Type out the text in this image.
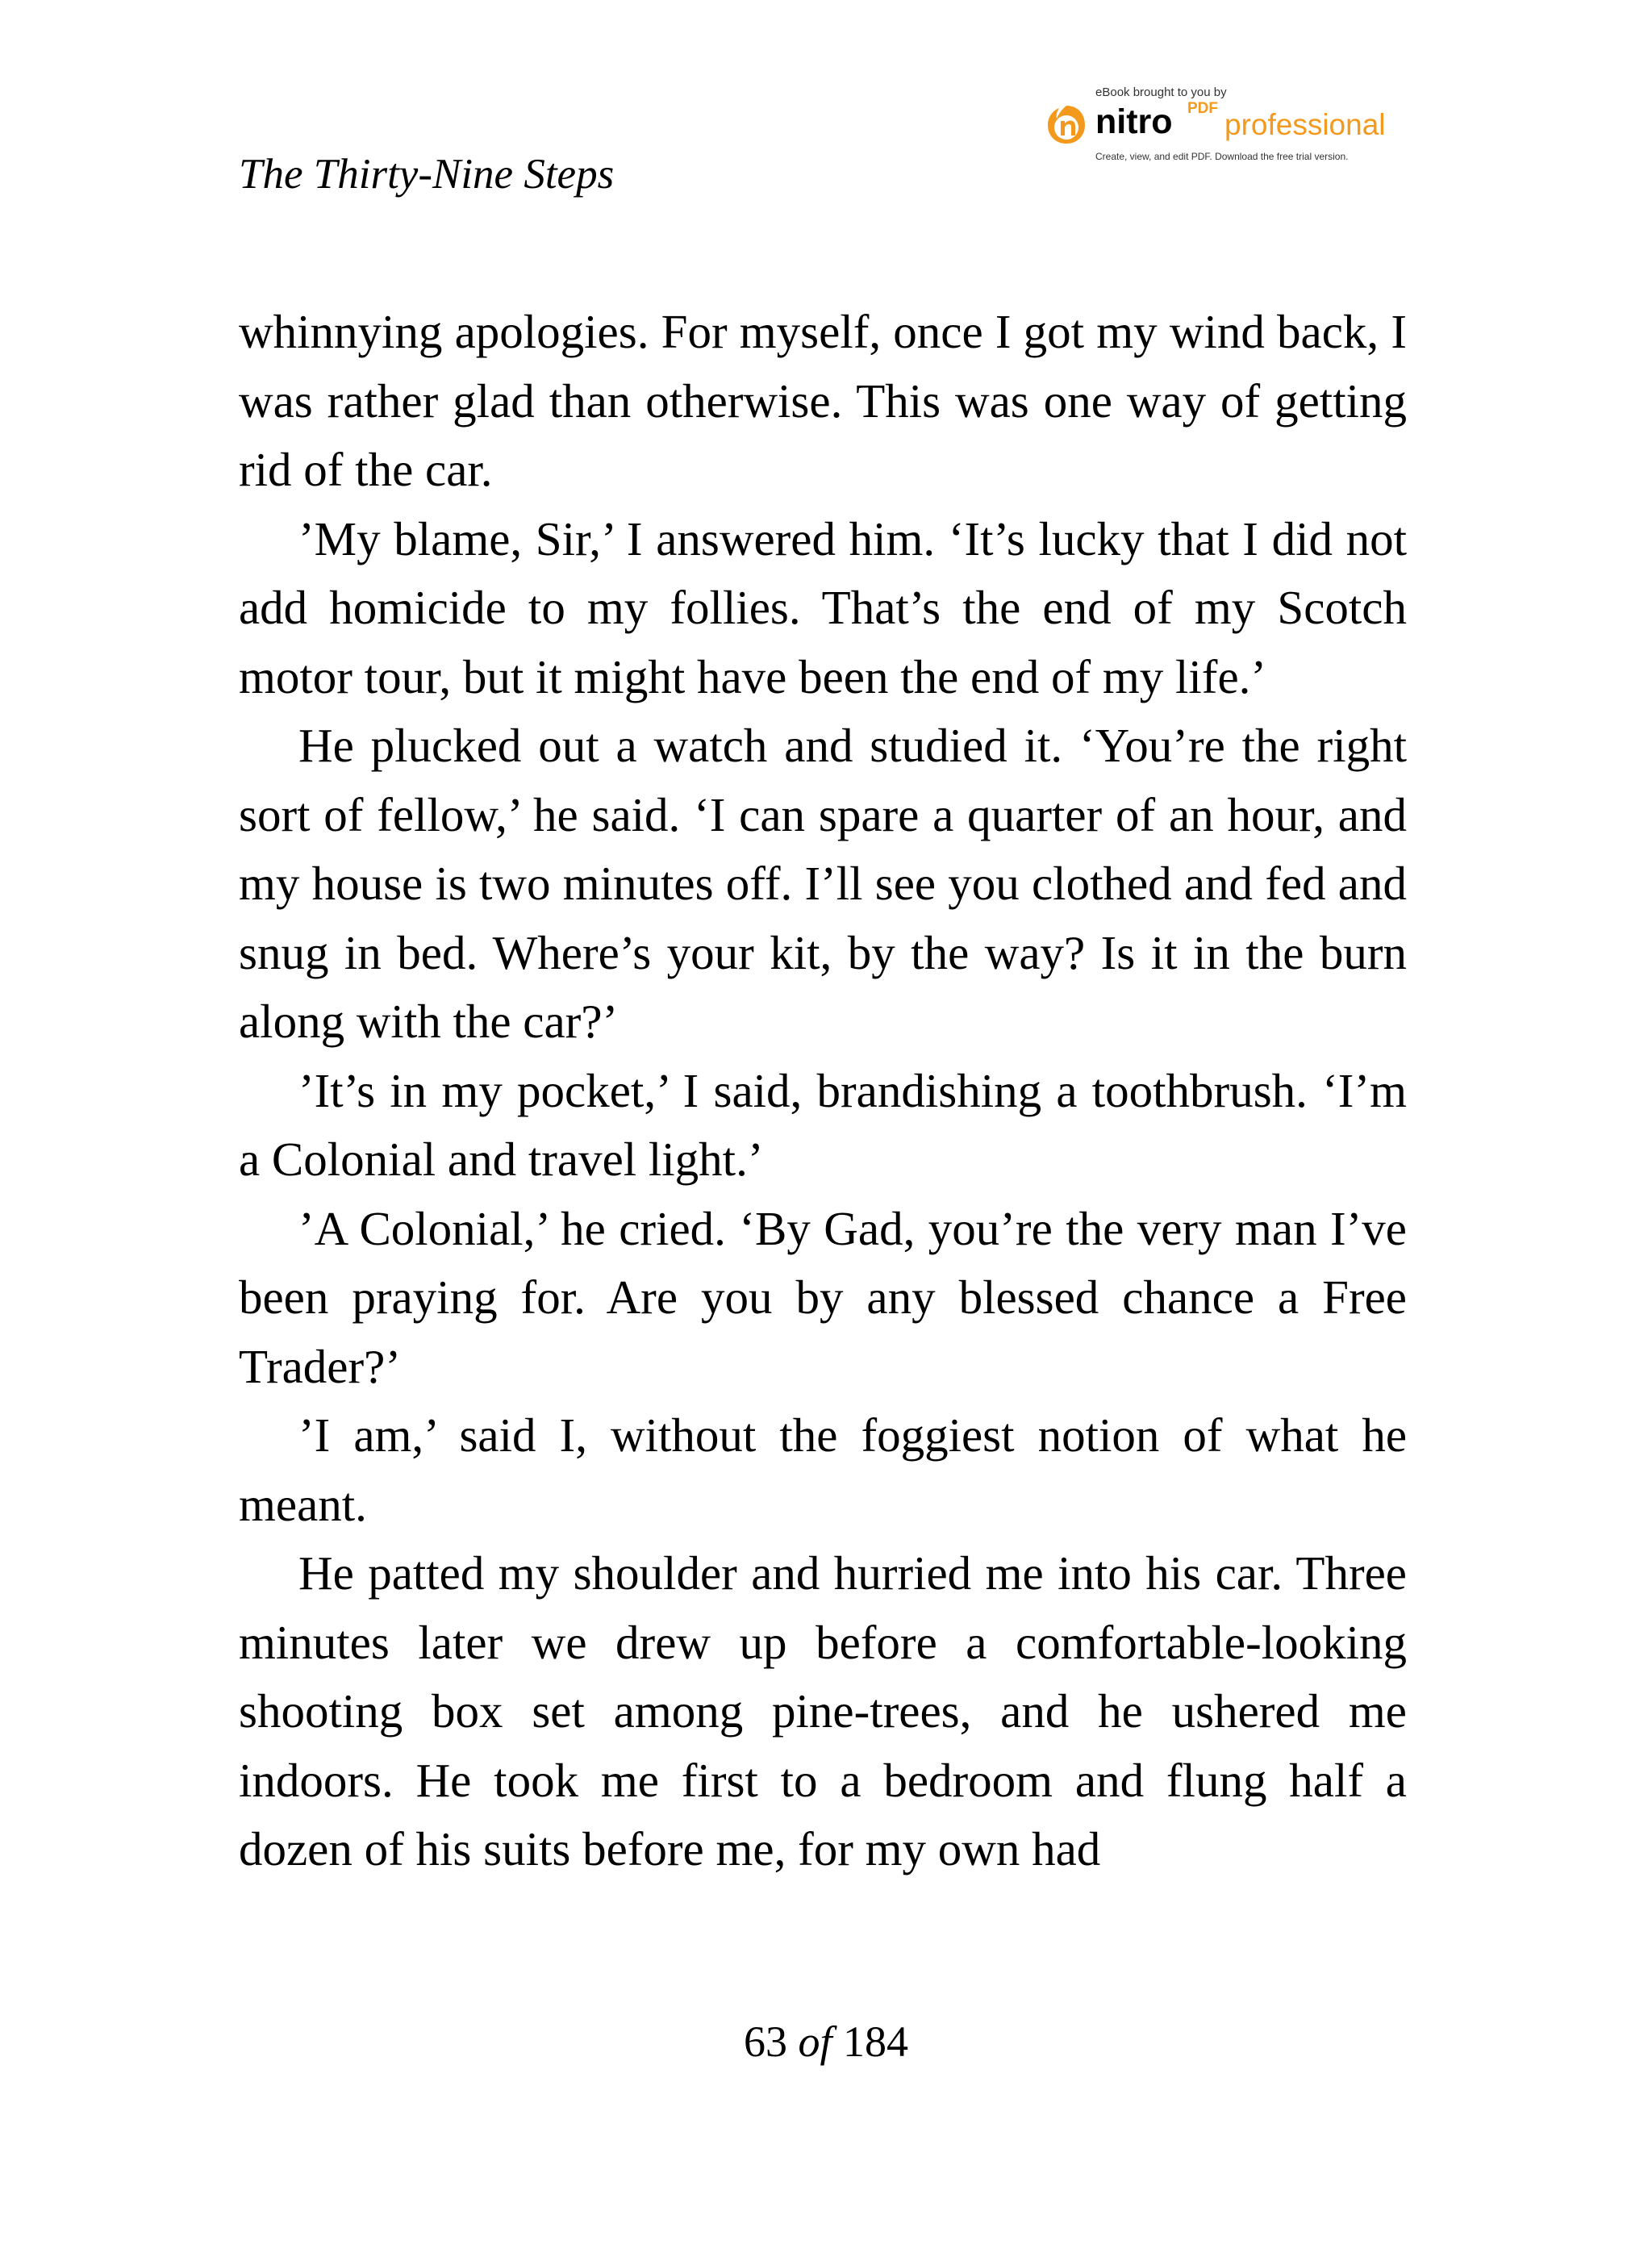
The Thirty-Nine Steps
eBook brought to you by
nitro PDF professional
Create, view, and edit PDF. Download the free trial version.

whinnying apologies. For myself, once I got my wind back, I was rather glad than otherwise. This was one way of getting rid of the car.

’My blame, Sir,’ I answered him. ‘It’s lucky that I did not add homicide to my follies. That’s the end of my Scotch motor tour, but it might have been the end of my life.’

He plucked out a watch and studied it. ‘You’re the right sort of fellow,’ he said. ‘I can spare a quarter of an hour, and my house is two minutes off. I’ll see you clothed and fed and snug in bed. Where’s your kit, by the way? Is it in the burn along with the car?’

’It’s in my pocket,’ I said, brandishing a toothbrush. ‘I’m a Colonial and travel light.’

’A Colonial,’ he cried. ‘By Gad, you’re the very man I’ve been praying for. Are you by any blessed chance a Free Trader?’

’I am,’ said I, without the foggiest notion of what he meant.

He patted my shoulder and hurried me into his car. Three minutes later we drew up before a comfortable-looking shooting box set among pine-trees, and he ushered me indoors. He took me first to a bedroom and flung half a dozen of his suits before me, for my own had

63 of 184
